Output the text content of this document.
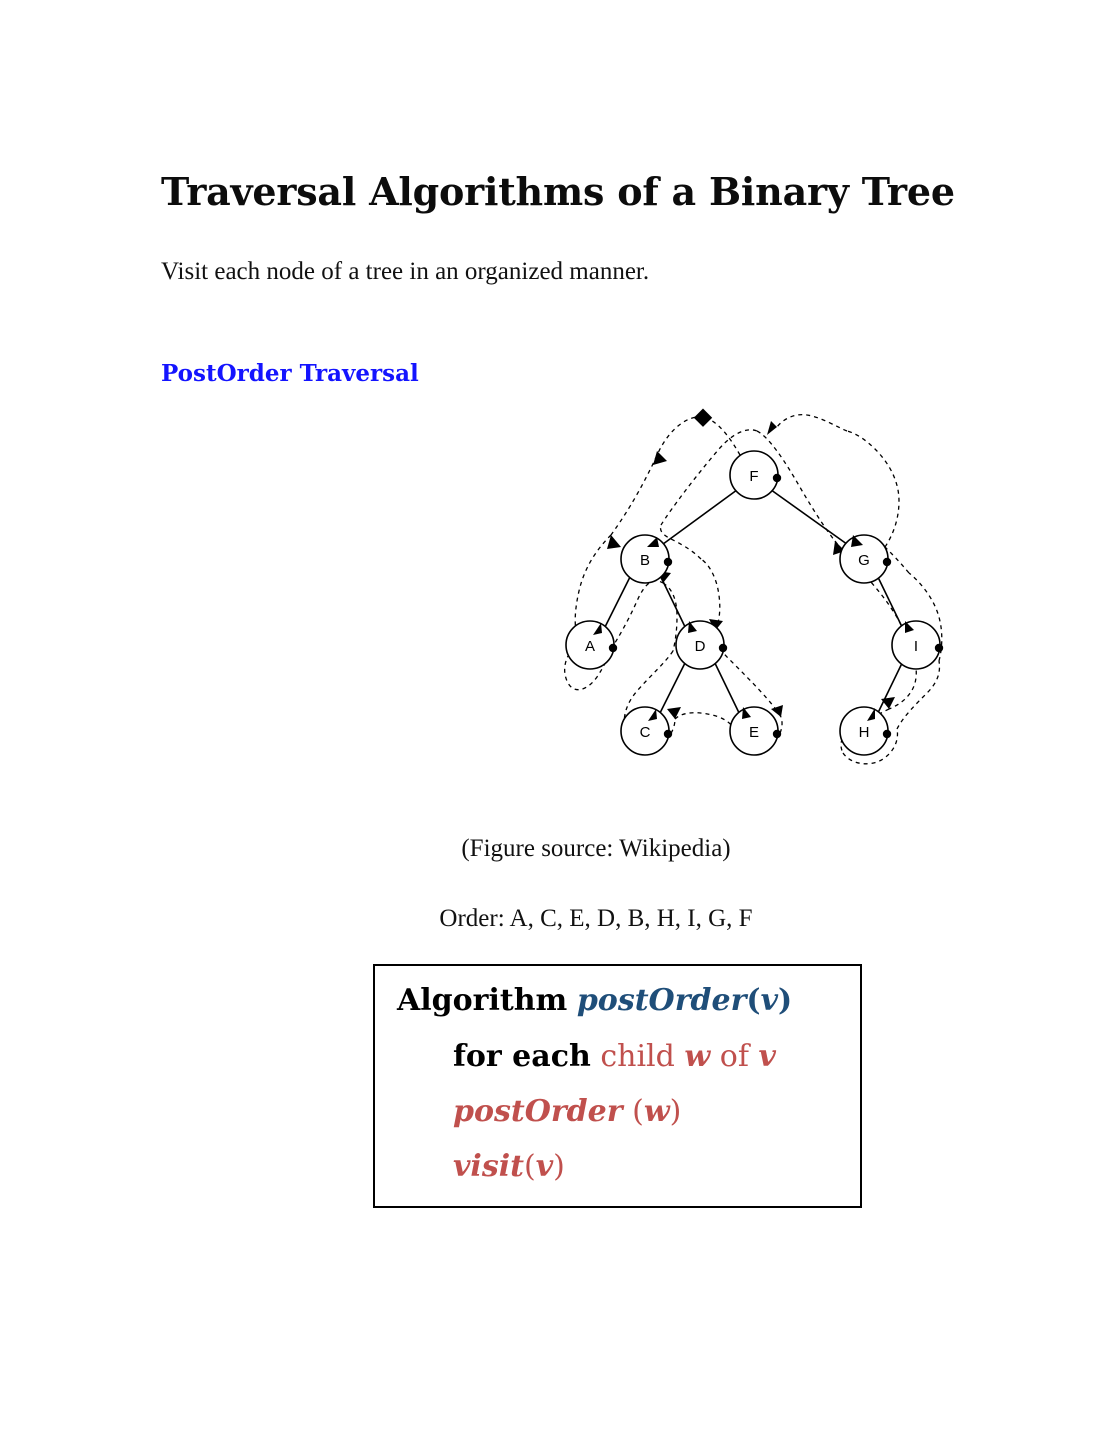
Traversal Algorithms of a Binary Tree

Visit each node of a tree in an organized manner.

PostOrder Traversal
F
B	G
A	D	I
C	E	H

(Figure source: Wikipedia)

Order: A, C, E, D, B, H, I, G, F

Algorithm postOrder(v)
for each child w of v
postOrder (w)
visit(v)
